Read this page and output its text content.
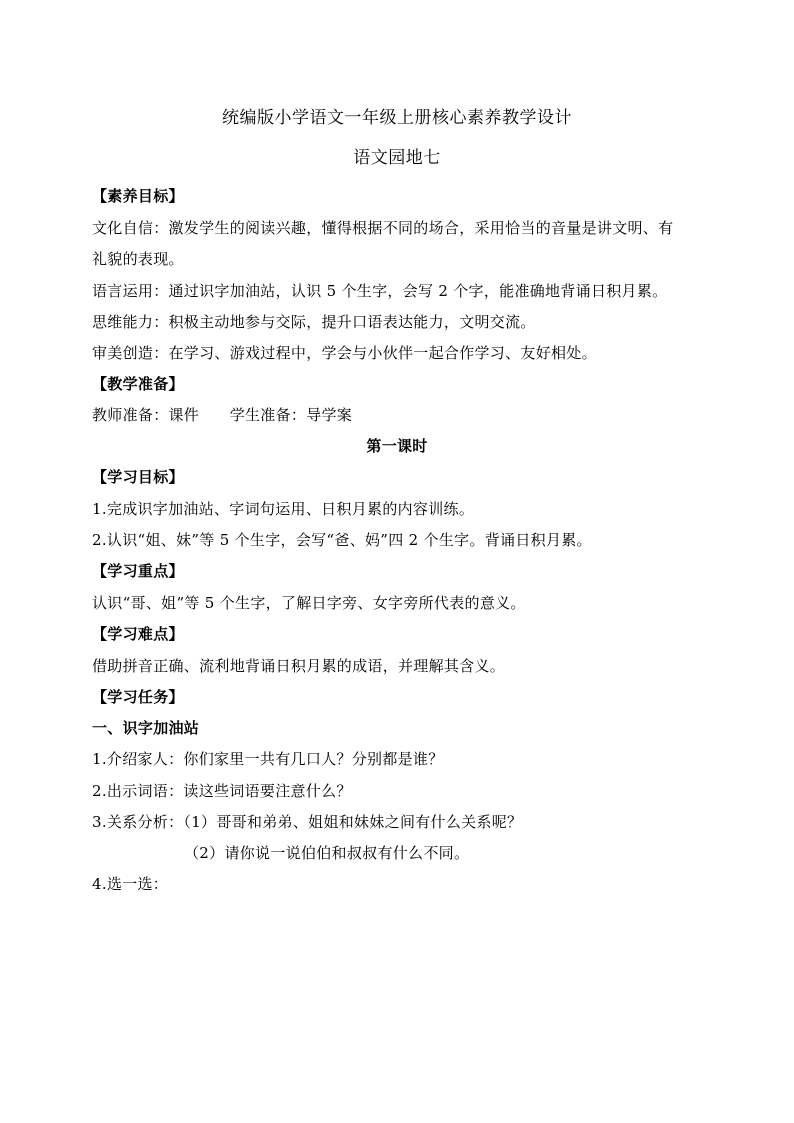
统编版小学语文一年级上册核心素养教学设计
语文园地七
【素养目标】
文化自信：激发学生的阅读兴趣，懂得根据不同的场合，采用恰当的音量是讲文明、有
礼貌的表现。
语言运用：通过识字加油站，认识 5 个生字，会写 2 个字，能准确地背诵日积月累。
思维能力：积极主动地参与交际，提升口语表达能力，文明交流。
审美创造：在学习、游戏过程中，学会与小伙伴一起合作学习、友好相处。
【教学准备】
教师准备：课件　　学生准备：导学案
第一课时
【学习目标】
1.完成识字加油站、字词句运用、日积月累的内容训练。
2.认识“姐、妹”等 5 个生字，会写“爸、妈”四 2 个生字。背诵日积月累。
【学习重点】
认识“哥、姐”等 5 个生字，了解日字旁、女字旁所代表的意义。
【学习难点】
借助拼音正确、流利地背诵日积月累的成语，并理解其含义。
【学习任务】
一、识字加油站
1.介绍家人：你们家里一共有几口人？分别都是谁？
2.出示词语：读这些词语要注意什么？
3.关系分析：（1）哥哥和弟弟、姐姐和妹妹之间有什么关系呢？
（2）请你说一说伯伯和叔叔有什么不同。
4.选一选：
